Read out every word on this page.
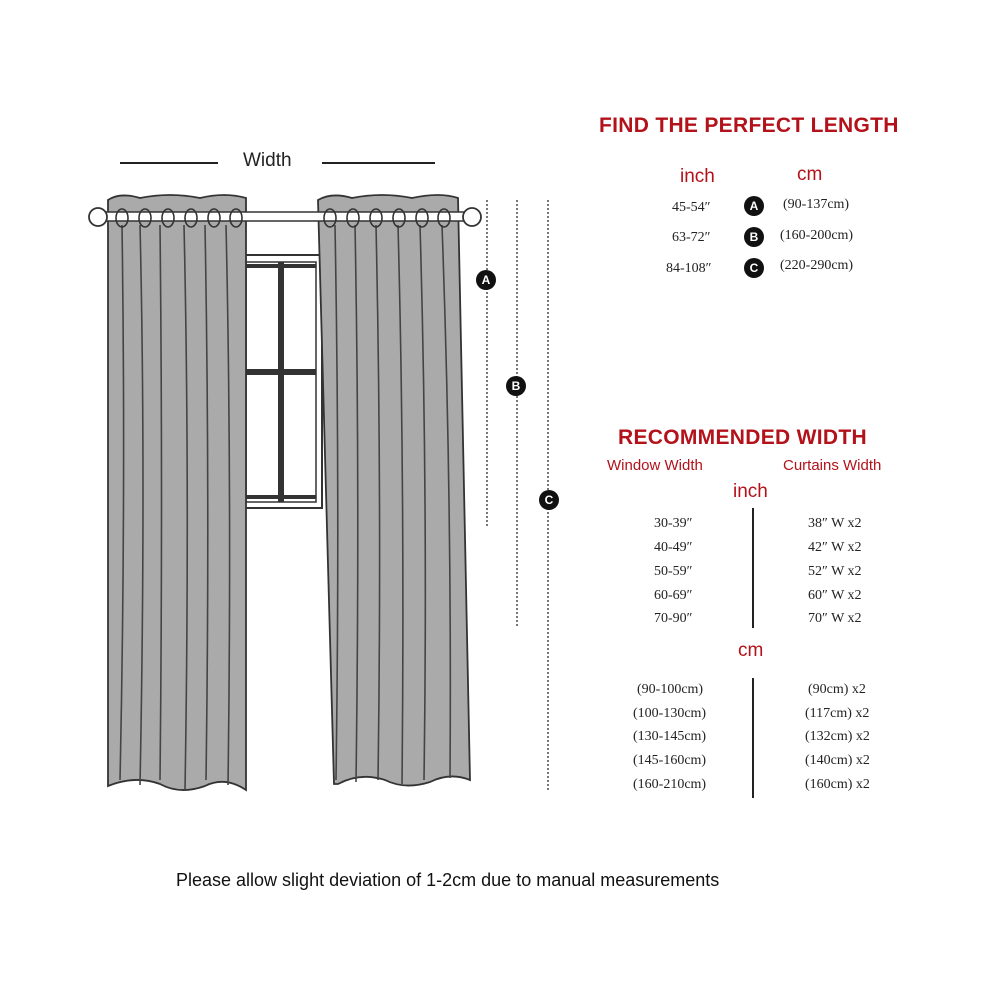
Width
A
B
C
FIND THE PERFECT LENGTH
inch	cm
45-54″	A	(90-137cm)
63-72″	B	(160-200cm)
84-108″	C	(220-290cm)
RECOMMENDED WIDTH
Window Width	Curtains Width
inch
30-39″	38″ W x2
40-49″	42″ W x2
50-59″	52″ W x2
60-69″	60″ W x2
70-90″	70″ W x2
cm
(90-100cm)	(90cm) x2
(100-130cm)	(117cm) x2
(130-145cm)	(132cm) x2
(145-160cm)	(140cm) x2
(160-210cm)	(160cm) x2
Please allow slight deviation of 1-2cm due to manual measurements
